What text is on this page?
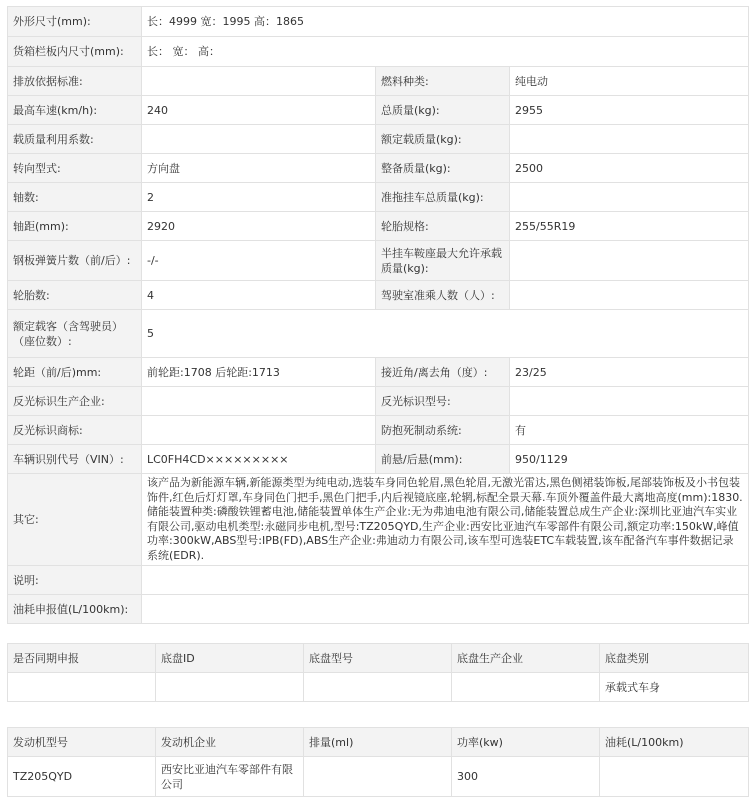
外形尺寸(mm):	长：4999 宽：1995 高：1865		
货箱栏板内尺寸(mm):	长： 宽： 高：		
排放依据标准:		燃料种类:	纯电动
最高车速(km/h):	240	总质量(kg):	2955
载质量利用系数:		额定载质量(kg):	
转向型式:	方向盘	整备质量(kg):	2500
轴数:	2	准拖挂车总质量(kg):	
轴距(mm):	2920	轮胎规格:	255/55R19
钢板弹簧片数（前/后）:	-/-	半挂车鞍座最大允许承载质量(kg):	
轮胎数:	4	驾驶室准乘人数（人）:	
额定载客（含驾驶员）（座位数）:	5		
轮距（前/后)mm:	前轮距:1708 后轮距:1713	接近角/离去角（度）:	23/25
反光标识生产企业:		反光标识型号:	
反光标识商标:		防抱死制动系统:	有
车辆识别代号（VIN）:	LC0FH4CD×××××××××	前悬/后悬(mm):	950/1129
其它:	该产品为新能源车辆,新能源类型为纯电动,选装车身同色轮眉,黑色轮眉,无激光雷达,黑色侧裙装饰板,尾部装饰板及小书包装饰件,红色后灯灯罩,车身同色门把手,黑色门把手,内后视镜底座,轮辋,标配全景天幕.车顶外覆盖件最大离地高度(mm):1830.储能装置种类:磷酸铁锂蓄电池,储能装置单体生产企业:无为弗迪电池有限公司,储能装置总成生产企业:深圳比亚迪汽车实业有限公司,驱动电机类型:永磁同步电机,型号:TZ205QYD,生产企业:西安比亚迪汽车零部件有限公司,额定功率:150kW,峰值功率:300kW,ABS型号:IPB(FD),ABS生产企业:弗迪动力有限公司,该车型可选装ETC车载装置,该车配备汽车事件数据记录系统(EDR).		
说明:			
油耗申报值(L/100km):			
是否同期申报	底盘ID	底盘型号	底盘生产企业	底盘类别
				承载式车身
发动机型号	发动机企业	排量(ml)	功率(kw)	油耗(L/100km)
TZ205QYD	西安比亚迪汽车零部件有限公司		300	
